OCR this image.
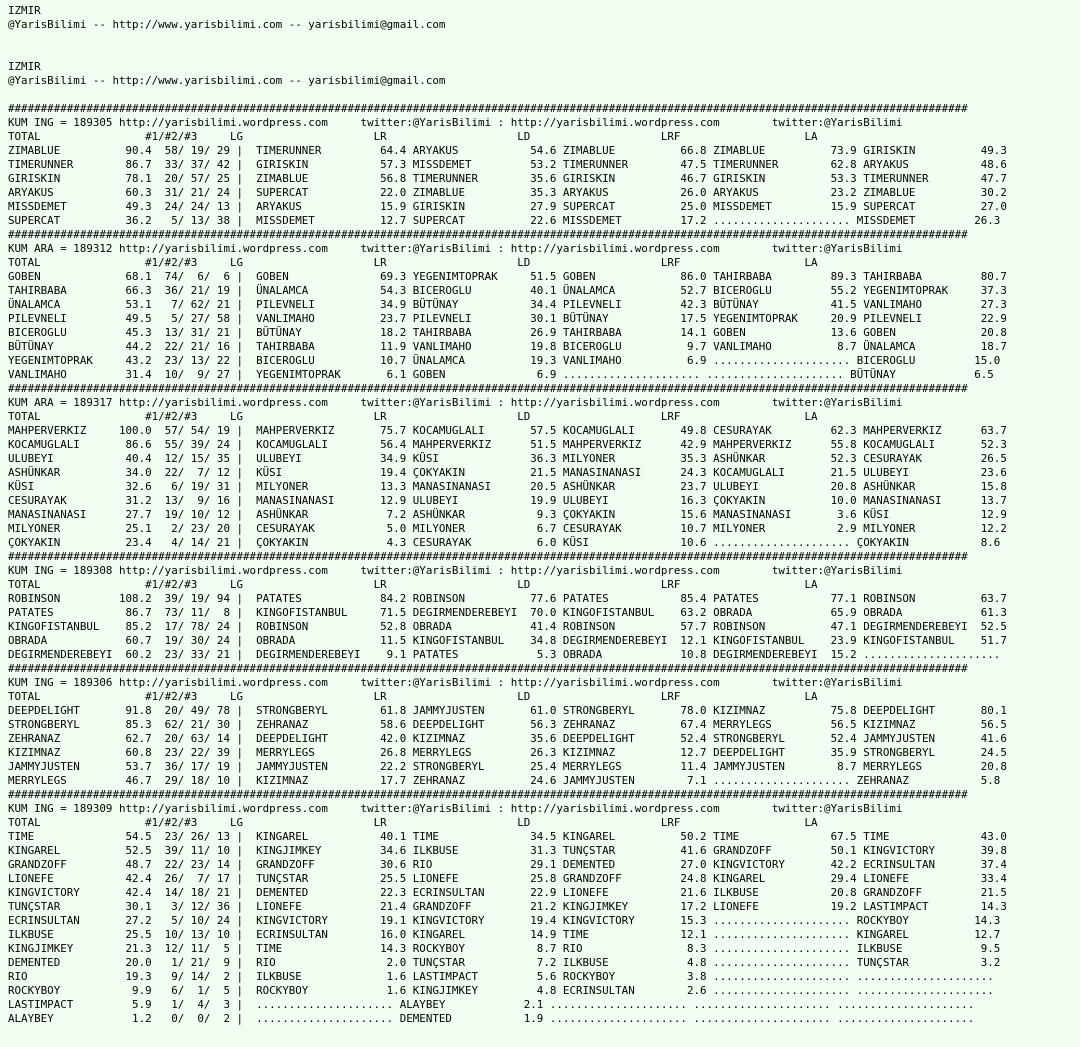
IZMIR
@YarisBilimi -- http://www.yarisbilimi.com -- yarisbilimi@gmail.com
IZMIR
@YarisBilimi -- http://www.yarisbilimi.com -- yarisbilimi@gmail.com
###################################################################################################################################################
KUM ING = 189305 http://yarisbilimi.wordpress.com     twitter:@YarisBilimi : http://yarisbilimi.wordpress.com        twitter:@YarisBilimi
TOTAL                #1/#2/#3     LG                    LR                    LD                    LRF                   LA
ZIMABLUE          90.4  58/ 19/ 29 |  TIMERUNNER         64.4 ARYAKUS           54.6 ZIMABLUE          66.8 ZIMABLUE          73.9 GIRISKIN          49.3
TIMERUNNER        86.7  33/ 37/ 42 |  GIRISKIN           57.3 MISSDEMET         53.2 TIMERUNNER        47.5 TIMERUNNER        62.8 ARYAKUS           48.6
GIRISKIN          78.1  20/ 57/ 25 |  ZIMABLUE           56.8 TIMERUNNER        35.6 GIRISKIN          46.7 GIRISKIN          53.3 TIMERUNNER        47.7
ARYAKUS           60.3  31/ 21/ 24 |  SUPERCAT           22.0 ZIMABLUE          35.3 ARYAKUS           26.0 ARYAKUS           23.2 ZIMABLUE          30.2
MISSDEMET         49.3  24/ 24/ 13 |  ARYAKUS            15.9 GIRISKIN          27.9 SUPERCAT          25.0 MISSDEMET         15.9 SUPERCAT          27.0
SUPERCAT          36.2   5/ 13/ 38 |  MISSDEMET          12.7 SUPERCAT          22.6 MISSDEMET         17.2 ..................... MISSDEMET         26.3
###################################################################################################################################################
KUM ARA = 189312 http://yarisbilimi.wordpress.com     twitter:@YarisBilimi : http://yarisbilimi.wordpress.com        twitter:@YarisBilimi
TOTAL                #1/#2/#3     LG                    LR                    LD                    LRF                   LA
GOBEN             68.1  74/  6/  6 |  GOBEN              69.3 YEGENIMTOPRAK     51.5 GOBEN             86.0 TAHIRBABA         89.3 TAHIRBABA         80.7
TAHIRBABA         66.3  36/ 21/ 19 |  ÜNALAMCA           54.3 BICEROGLU         40.1 ÜNALAMCA          52.7 BICEROGLU         55.2 YEGENIMTOPRAK     37.3
ÜNALAMCA          53.1   7/ 62/ 21 |  PILEVNELI          34.9 BÜTÜNAY           34.4 PILEVNELI         42.3 BÜTÜNAY           41.5 VANLIMAHO         27.3
PILEVNELI         49.5   5/ 27/ 58 |  VANLIMAHO          23.7 PILEVNELI         30.1 BÜTÜNAY           17.5 YEGENIMTOPRAK     20.9 PILEVNELI         22.9
BICEROGLU         45.3  13/ 31/ 21 |  BÜTÜNAY            18.2 TAHIRBABA         26.9 TAHIRBABA         14.1 GOBEN             13.6 GOBEN             20.8
BÜTÜNAY           44.2  22/ 21/ 16 |  TAHIRBABA          11.9 VANLIMAHO         19.8 BICEROGLU          9.7 VANLIMAHO          8.7 ÜNALAMCA          18.7
YEGENIMTOPRAK     43.2  23/ 13/ 22 |  BICEROGLU          10.7 ÜNALAMCA          19.3 VANLIMAHO          6.9 ..................... BICEROGLU         15.0
VANLIMAHO         31.4  10/  9/ 27 |  YEGENIMTOPRAK       6.1 GOBEN              6.9 ..................... ..................... BÜTÜNAY            6.5
###################################################################################################################################################
KUM ARA = 189317 http://yarisbilimi.wordpress.com     twitter:@YarisBilimi : http://yarisbilimi.wordpress.com        twitter:@YarisBilimi
TOTAL                #1/#2/#3     LG                    LR                    LD                    LRF                   LA
MAHPERVERKIZ     100.0  57/ 54/ 19 |  MAHPERVERKIZ       75.7 KOCAMUGLALI       57.5 KOCAMUGLALI       49.8 CESURAYAK         62.3 MAHPERVERKIZ      63.7
KOCAMUGLALI       86.6  55/ 39/ 24 |  KOCAMUGLALI        56.4 MAHPERVERKIZ      51.5 MAHPERVERKIZ      42.9 MAHPERVERKIZ      55.8 KOCAMUGLALI       52.3
ULUBEYI           40.4  12/ 15/ 35 |  ULUBEYI            34.9 KÜSI              36.3 MILYONER          35.3 ASHÜNKAR          52.3 CESURAYAK         26.5
ASHÜNKAR          34.0  22/  7/ 12 |  KÜSI               19.4 ÇOKYAKIN          21.5 MANASINANASI      24.3 KOCAMUGLALI       21.5 ULUBEYI           23.6
KÜSI              32.6   6/ 19/ 31 |  MILYONER           13.3 MANASINANASI      20.5 ASHÜNKAR          23.7 ULUBEYI           20.8 ASHÜNKAR          15.8
CESURAYAK         31.2  13/  9/ 16 |  MANASINANASI       12.9 ULUBEYI           19.9 ULUBEYI           16.3 ÇOKYAKIN          10.0 MANASINANASI      13.7
MANASINANASI      27.7  19/ 10/ 12 |  ASHÜNKAR            7.2 ASHÜNKAR           9.3 ÇOKYAKIN          15.6 MANASINANASI       3.6 KÜSI              12.9
MILYONER          25.1   2/ 23/ 20 |  CESURAYAK           5.0 MILYONER           6.7 CESURAYAK         10.7 MILYONER           2.9 MILYONER          12.2
ÇOKYAKIN          23.4   4/ 14/ 21 |  ÇOKYAKIN            4.3 CESURAYAK          6.0 KÜSI              10.6 ..................... ÇOKYAKIN           8.6
###################################################################################################################################################
KUM ING = 189308 http://yarisbilimi.wordpress.com     twitter:@YarisBilimi : http://yarisbilimi.wordpress.com        twitter:@YarisBilimi
TOTAL                #1/#2/#3     LG                    LR                    LD                    LRF                   LA
ROBINSON         108.2  39/ 19/ 94 |  PATATES            84.2 ROBINSON          77.6 PATATES           85.4 PATATES           77.1 ROBINSON          63.7
PATATES           86.7  73/ 11/  8 |  KINGOFISTANBUL     71.5 DEGIRMENDEREBEYI  70.0 KINGOFISTANBUL    63.2 OBRADA            65.9 OBRADA            61.3
KINGOFISTANBUL    85.2  17/ 78/ 24 |  ROBINSON           52.8 OBRADA            41.4 ROBINSON          57.7 ROBINSON          47.1 DEGIRMENDEREBEYI  52.5
OBRADA            60.7  19/ 30/ 24 |  OBRADA             11.5 KINGOFISTANBUL    34.8 DEGIRMENDEREBEYI  12.1 KINGOFISTANBUL    23.9 KINGOFISTANBUL    51.7
DEGIRMENDEREBEYI  60.2  23/ 33/ 21 |  DEGIRMENDEREBEYI    9.1 PATATES            5.3 OBRADA            10.8 DEGIRMENDEREBEYI  15.2 .....................
###################################################################################################################################################
KUM ING = 189306 http://yarisbilimi.wordpress.com     twitter:@YarisBilimi : http://yarisbilimi.wordpress.com        twitter:@YarisBilimi
TOTAL                #1/#2/#3     LG                    LR                    LD                    LRF                   LA
DEEPDELIGHT       91.8  20/ 49/ 78 |  STRONGBERYL        61.8 JAMMYJUSTEN       61.0 STRONGBERYL       78.0 KIZIMNAZ          75.8 DEEPDELIGHT       80.1
STRONGBERYL       85.3  62/ 21/ 30 |  ZEHRANAZ           58.6 DEEPDELIGHT       56.3 ZEHRANAZ          67.4 MERRYLEGS         56.5 KIZIMNAZ          56.5
ZEHRANAZ          62.7  20/ 63/ 14 |  DEEPDELIGHT        42.0 KIZIMNAZ          35.6 DEEPDELIGHT       52.4 STRONGBERYL       52.4 JAMMYJUSTEN       41.6
KIZIMNAZ          60.8  23/ 22/ 39 |  MERRYLEGS          26.8 MERRYLEGS         26.3 KIZIMNAZ          12.7 DEEPDELIGHT       35.9 STRONGBERYL       24.5
JAMMYJUSTEN       53.7  36/ 17/ 19 |  JAMMYJUSTEN        22.2 STRONGBERYL       25.4 MERRYLEGS         11.4 JAMMYJUSTEN        8.7 MERRYLEGS         20.8
MERRYLEGS         46.7  29/ 18/ 10 |  KIZIMNAZ           17.7 ZEHRANAZ          24.6 JAMMYJUSTEN        7.1 ..................... ZEHRANAZ           5.8
###################################################################################################################################################
KUM ING = 189309 http://yarisbilimi.wordpress.com     twitter:@YarisBilimi : http://yarisbilimi.wordpress.com        twitter:@YarisBilimi
TOTAL                #1/#2/#3     LG                    LR                    LD                    LRF                   LA
TIME              54.5  23/ 26/ 13 |  KINGAREL           40.1 TIME              34.5 KINGAREL          50.2 TIME              67.5 TIME              43.0
KINGAREL          52.5  39/ 11/ 10 |  KINGJIMKEY         34.6 ILKBUSE           31.3 TUNÇSTAR          41.6 GRANDZOFF         50.1 KINGVICTORY       39.8
GRANDZOFF         48.7  22/ 23/ 14 |  GRANDZOFF          30.6 RIO               29.1 DEMENTED          27.0 KINGVICTORY       42.2 ECRINSULTAN       37.4
LIONEFE           42.4  26/  7/ 17 |  TUNÇSTAR           25.5 LIONEFE           25.8 GRANDZOFF         24.8 KINGAREL          29.4 LIONEFE           33.4
KINGVICTORY       42.4  14/ 18/ 21 |  DEMENTED           22.3 ECRINSULTAN       22.9 LIONEFE           21.6 ILKBUSE           20.8 GRANDZOFF         21.5
TUNÇSTAR          30.1   3/ 12/ 36 |  LIONEFE            21.4 GRANDZOFF         21.2 KINGJIMKEY        17.2 LIONEFE           19.2 LASTIMPACT        14.3
ECRINSULTAN       27.2   5/ 10/ 24 |  KINGVICTORY        19.1 KINGVICTORY       19.4 KINGVICTORY       15.3 ..................... ROCKYBOY          14.3
ILKBUSE           25.5  10/ 13/ 10 |  ECRINSULTAN        16.0 KINGAREL          14.9 TIME              12.1 ..................... KINGAREL          12.7
KINGJIMKEY        21.3  12/ 11/  5 |  TIME               14.3 ROCKYBOY           8.7 RIO                8.3 ..................... ILKBUSE            9.5
DEMENTED          20.0   1/ 21/  9 |  RIO                 2.0 TUNÇSTAR           7.2 ILKBUSE            4.8 ..................... TUNÇSTAR           3.2
RIO               19.3   9/ 14/  2 |  ILKBUSE             1.6 LASTIMPACT         5.6 ROCKYBOY           3.8 ..................... .....................
ROCKYBOY           9.9   6/  1/  5 |  ROCKYBOY            1.6 KINGJIMKEY         4.8 ECRINSULTAN        2.6 ..................... .....................
LASTIMPACT         5.9   1/  4/  3 |  ..................... ALAYBEY            2.1 ..................... ..................... .....................
ALAYBEY            1.2   0/  0/  2 |  ..................... DEMENTED           1.9 ..................... ..................... .....................
